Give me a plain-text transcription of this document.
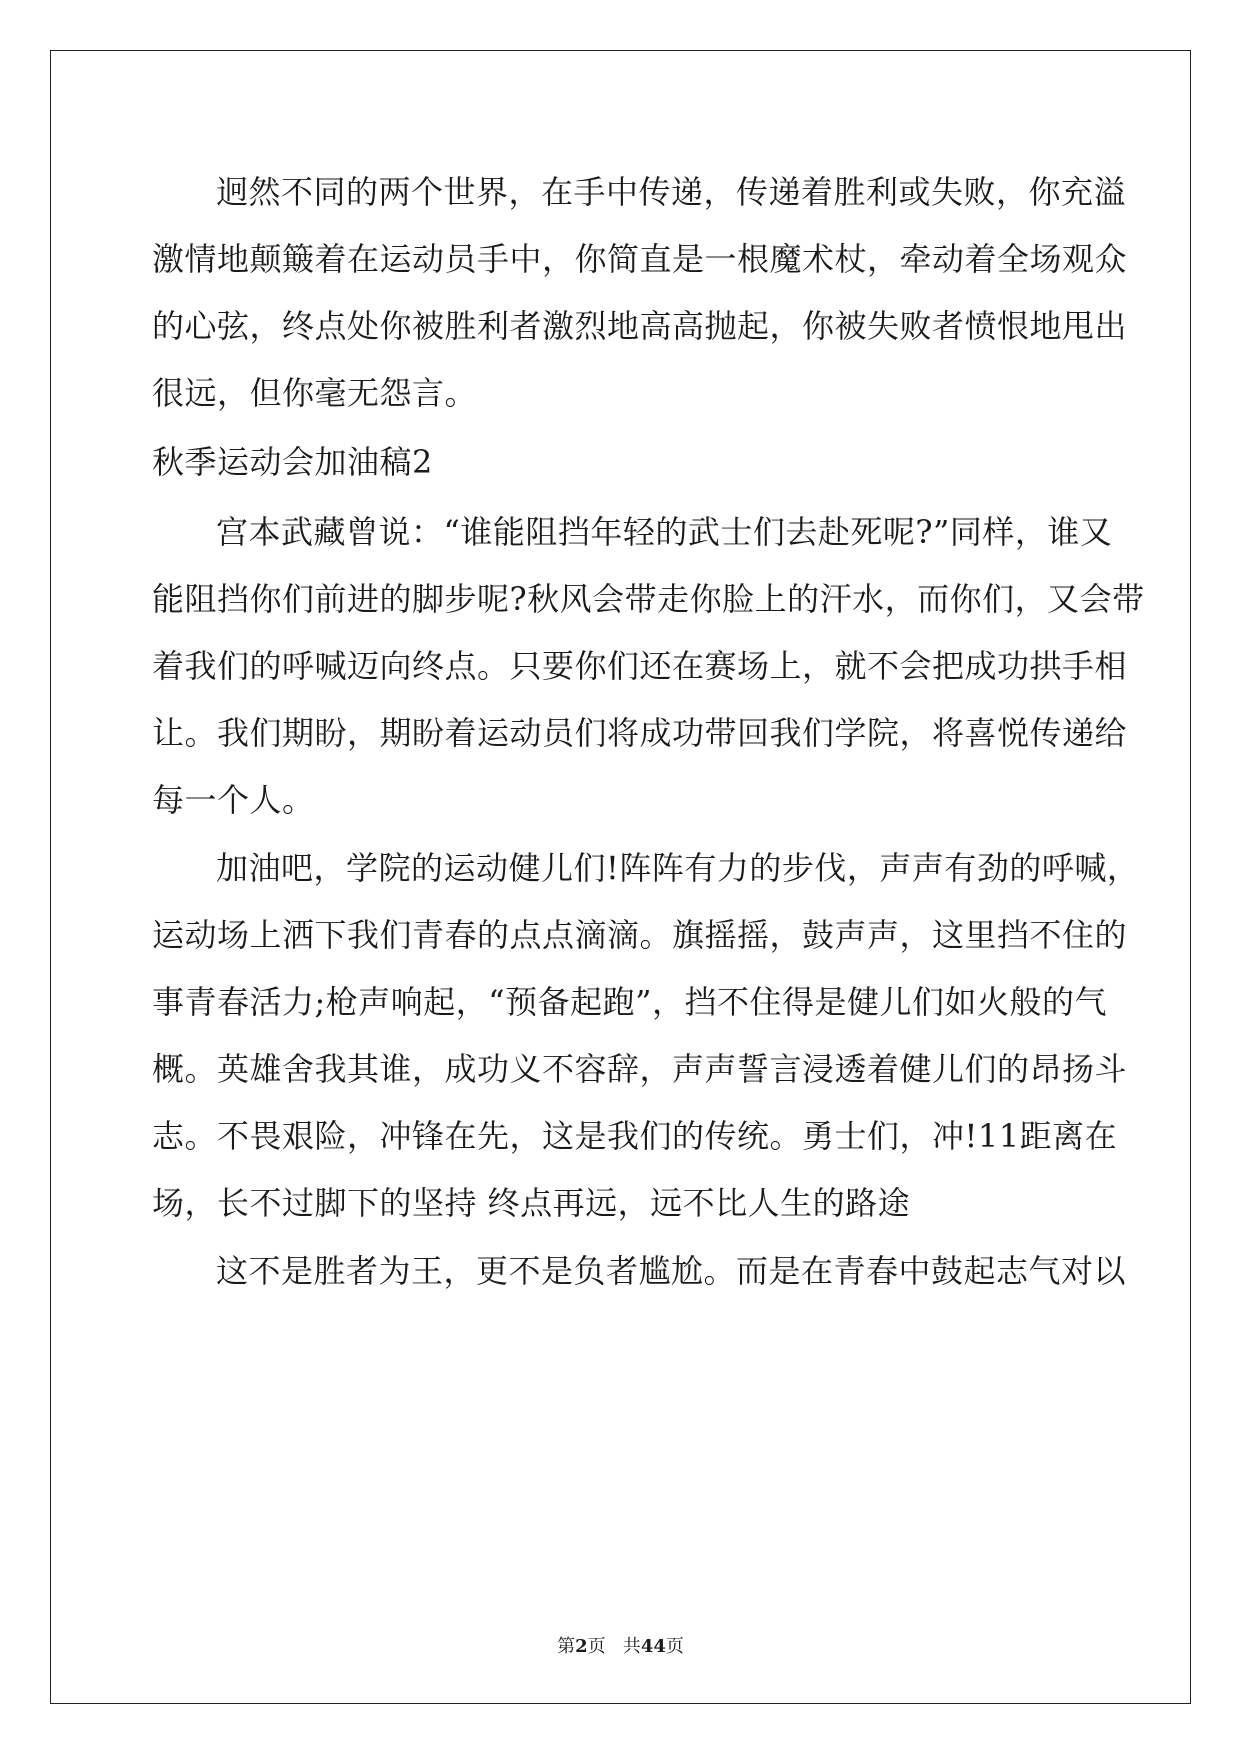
迥然不同的两个世界，在手中传递，传递着胜利或失败，你充溢

激情地颠簸着在运动员手中，你简直是一根魔术杖，牵动着全场观众

的心弦，终点处你被胜利者激烈地高高抛起，你被失败者愤恨地甩出

很远，但你毫无怨言。

秋季运动会加油稿2

宫本武藏曾说：“谁能阻挡年轻的武士们去赴死呢?”同样，谁又

能阻挡你们前进的脚步呢?秋风会带走你脸上的汗水，而你们，又会带

着我们的呼喊迈向终点。只要你们还在赛场上，就不会把成功拱手相

让。我们期盼，期盼着运动员们将成功带回我们学院，将喜悦传递给

每一个人。

加油吧，学院的运动健儿们!阵阵有力的步伐，声声有劲的呼喊，

运动场上洒下我们青春的点点滴滴。旗摇摇，鼓声声，这里挡不住的

事青春活力;枪声响起，“预备起跑”，挡不住得是健儿们如火般的气

概。英雄舍我其谁，成功义不容辞，声声誓言浸透着健儿们的昂扬斗

志。不畏艰险，冲锋在先，这是我们的传统。勇士们，冲!11距离在

场，长不过脚下的坚持 终点再远，远不比人生的路途

这不是胜者为王，更不是负者尴尬。而是在青春中鼓起志气对以

第2页 共44页
